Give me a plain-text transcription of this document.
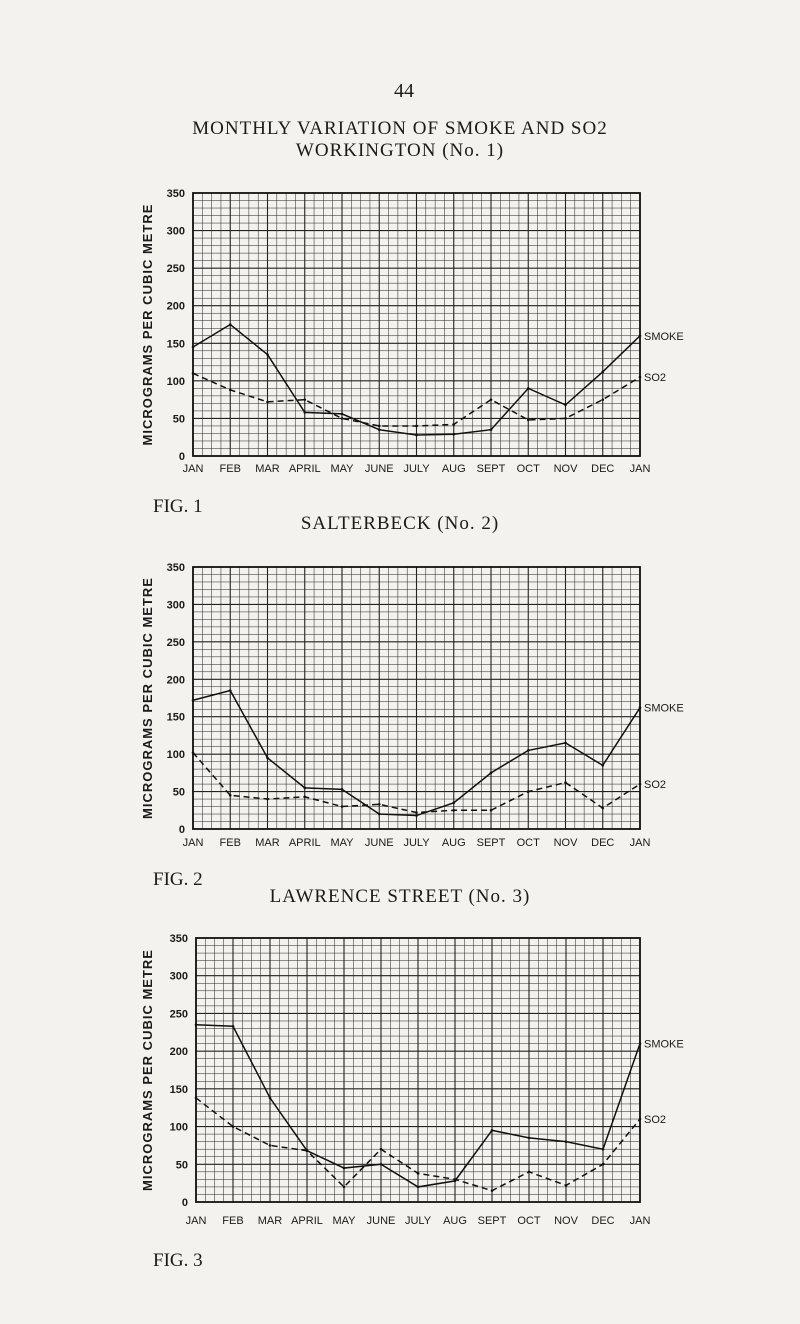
44
MONTHLY VARIATION OF SMOKE AND SO2
WORKINGTON (No. 1)
FIG. 1
SALTERBECK (No. 2)
FIG. 2
LAWRENCE STREET (No. 3)
FIG. 3
0
50
100
150
200
250
300
350
JAN FEB MAR APRIL MAY JUNE JULY AUG SEPT OCT NOV DEC JAN
MICROGRAMS PER CUBIC METRE	SMOKE
SO2
0
50
100
150
200
250
300
350
JAN FEB MAR APRIL MAY JUNE JULY AUG SEPT OCT NOV DEC JAN
MICROGRAMS PER CUBIC METRE	SMOKE
SO2
0
50
100
150
200
250
300
350
JAN FEB MAR APRIL MAY JUNE JULY AUG SEPT OCT NOV DEC JAN
MICROGRAMS PER CUBIC METRE	SMOKE
SO2
